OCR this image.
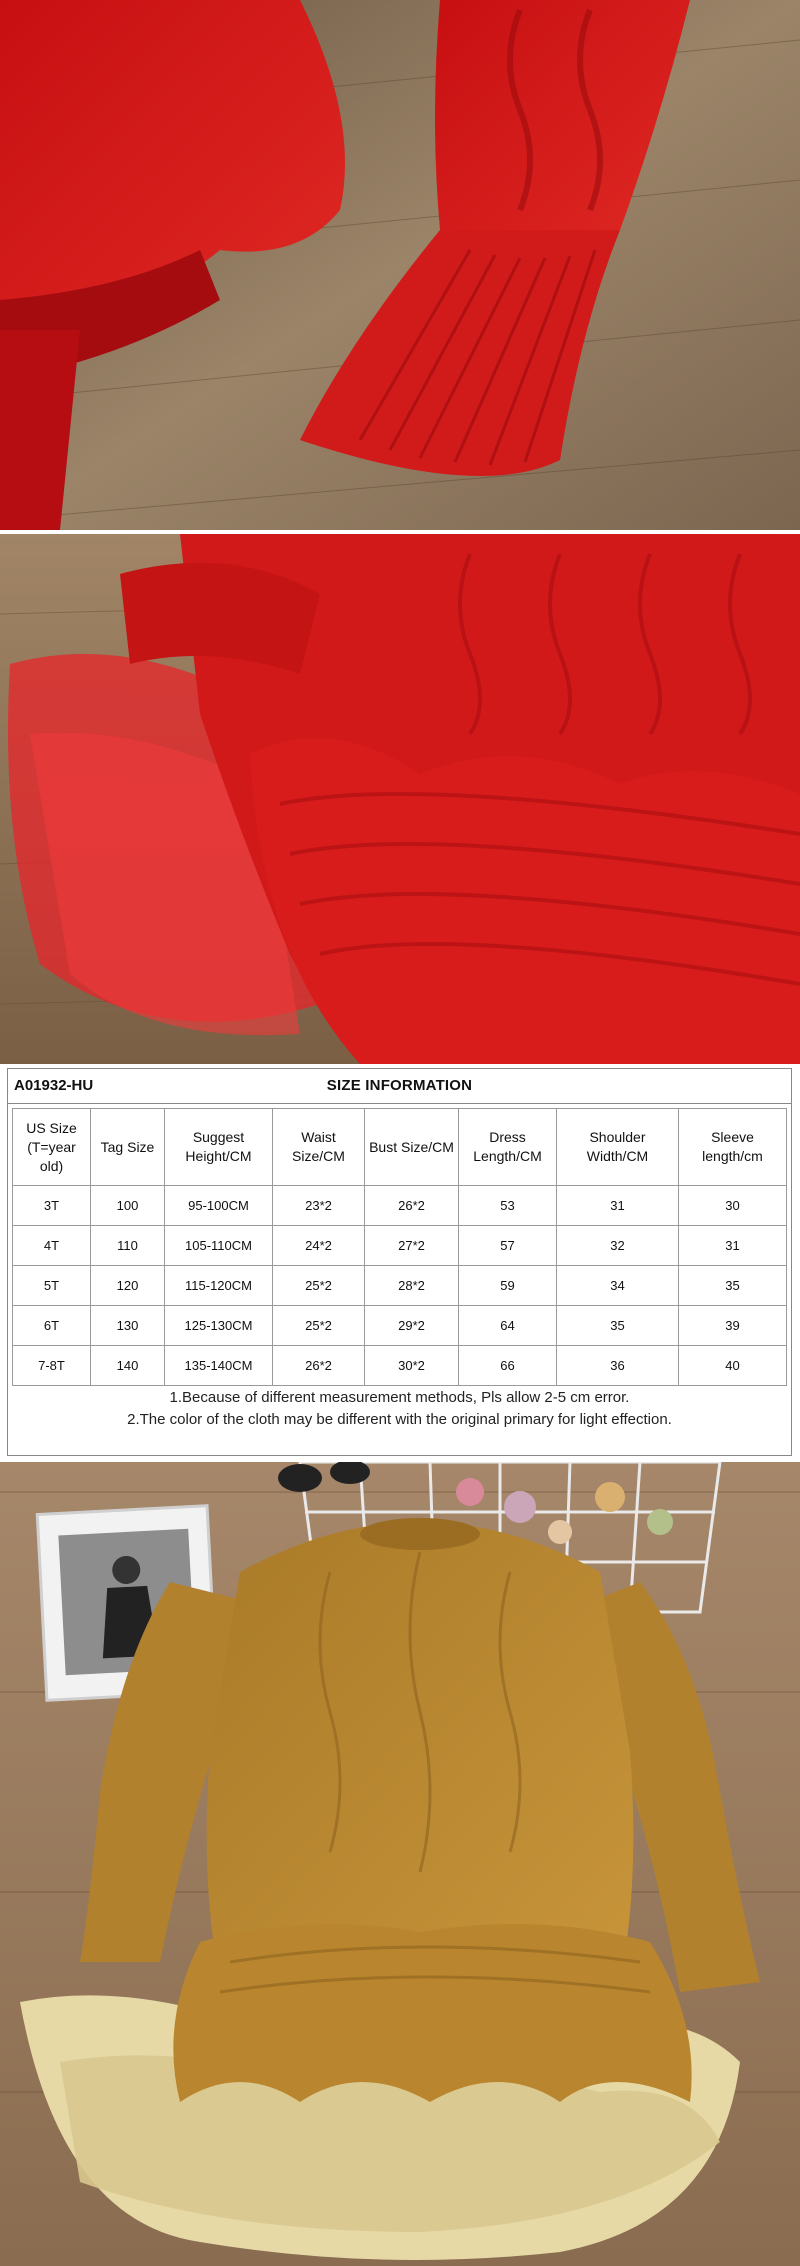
A01932-HU	SIZE INFORMATION
US Size (T=year old)	Tag Size	Suggest Height/CM	Waist Size/CM	Bust Size/CM	Dress Length/CM	Shoulder Width/CM	Sleeve length/cm
3T	100	95-100CM	23*2	26*2	53	31	30
4T	110	105-110CM	24*2	27*2	57	32	31
5T	120	115-120CM	25*2	28*2	59	34	35
6T	130	125-130CM	25*2	29*2	64	35	39
7-8T	140	135-140CM	26*2	30*2	66	36	40
1.Because of different measurement methods, Pls allow 2-5 cm error.
2.The color of the cloth may be different with the original primary for light effection.
